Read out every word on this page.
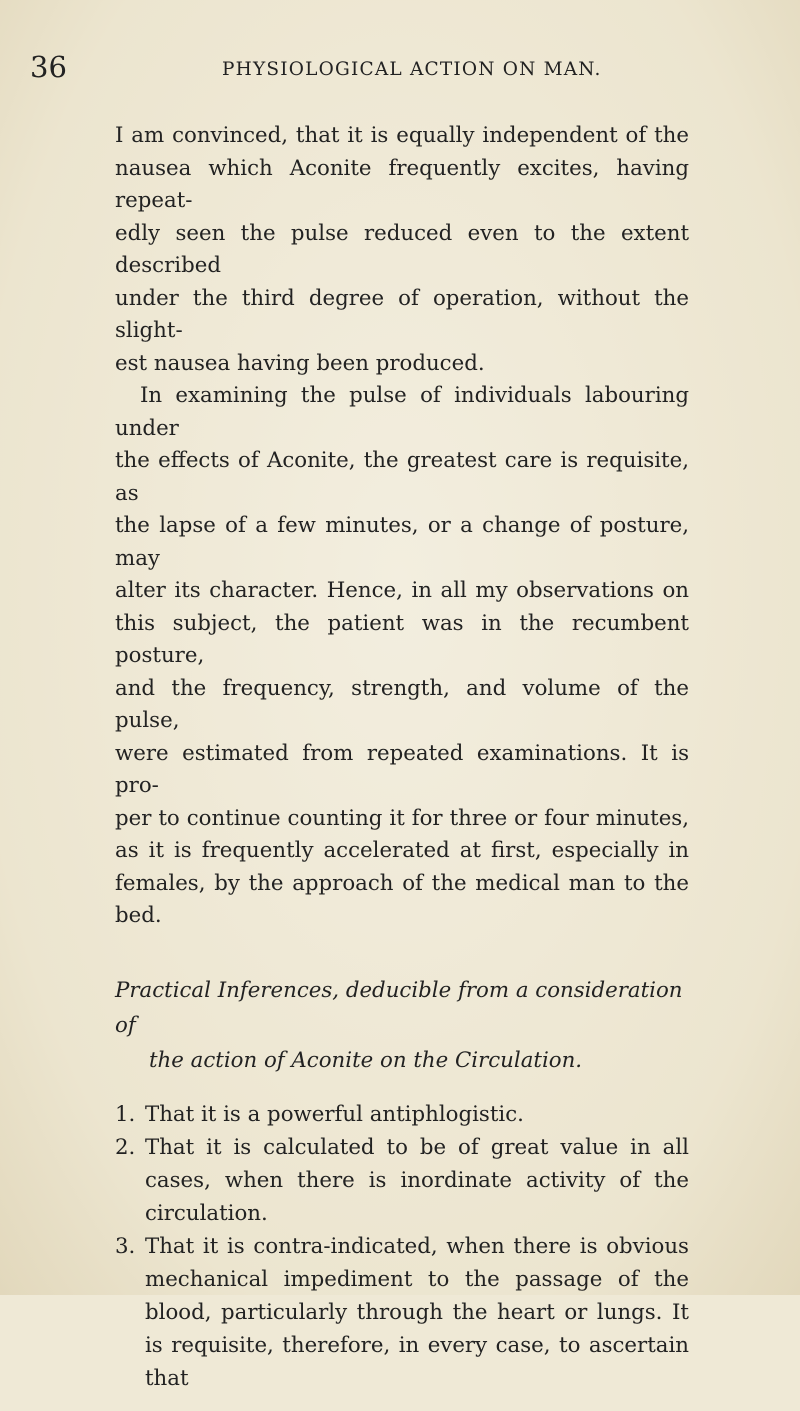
36	PHYSIOLOGICAL ACTION ON MAN.

I am convinced, that it is equally independent of the

nausea which Aconite frequently excites, having repeat-

edly seen the pulse reduced even to the extent described

under the third degree of operation, without the slight-

est nausea having been produced.

In examining the pulse of individuals labouring under

the effects of Aconite, the greatest care is requisite, as

the lapse of a few minutes, or a change of posture, may

alter its character. Hence, in all my observations on

this subject, the patient was in the recumbent posture,

and the frequency, strength, and volume of the pulse,

were estimated from repeated examinations. It is pro-

per to continue counting it for three or four minutes,

as it is frequently accelerated at first, especially in

females, by the approach of the medical man to the

bed.

Practical Inferences, deducible from a consideration of

the action of Aconite on the Circulation.

1. That it is a powerful antiphlogistic.
2. That it is calculated to be of great value in all cases, when there is inordinate activity of the circulation.
3. That it is contra-indicated, when there is obvious mechanical impediment to the passage of the blood, particularly through the heart or lungs. It is requisite, therefore, in every case, to ascertain that
